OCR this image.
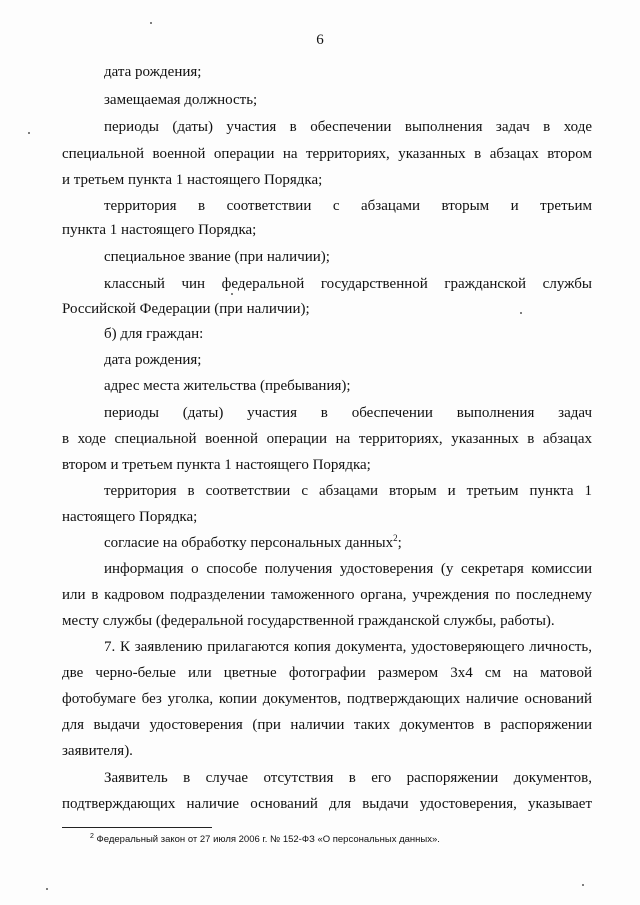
6
дата рождения;
замещаемая должность;
периоды (даты) участия в обеспечении выполнения задач в ходе
специальной военной операции на территориях, указанных в абзацах втором
и третьем пункта 1 настоящего Порядка;
территория в соответствии с абзацами вторым и третьим
пункта 1 настоящего Порядка;
специальное звание (при наличии);
классный чин федеральной государственной гражданской службы
Российской Федерации (при наличии);
б) для граждан:
дата рождения;
адрес места жительства (пребывания);
периоды (даты) участия в обеспечении выполнения задач
в ходе специальной военной операции на территориях, указанных в абзацах
втором и третьем пункта 1 настоящего Порядка;
территория в соответствии с абзацами вторым и третьим пункта 1
настоящего Порядка;
согласие на обработку персональных данных$^2$;
информация о способе получения удостоверения (у секретаря комиссии
или в кадровом подразделении таможенного органа, учреждения по последнему
месту службы (федеральной государственной гражданской службы, работы).
7. К заявлению прилагаются копия документа, удостоверяющего личность,
две черно-белые или цветные фотографии размером 3х4 см на матовой
фотобумаге без уголка, копии документов, подтверждающих наличие оснований
для выдачи удостоверения (при наличии таких документов в распоряжении
заявителя).
Заявитель в случае отсутствия в его распоряжении документов,
подтверждающих наличие оснований для выдачи удостоверения, указывает
$^2$ Федеральный закон от 27 июля 2006 г. № 152-ФЗ «О персональных данных».
